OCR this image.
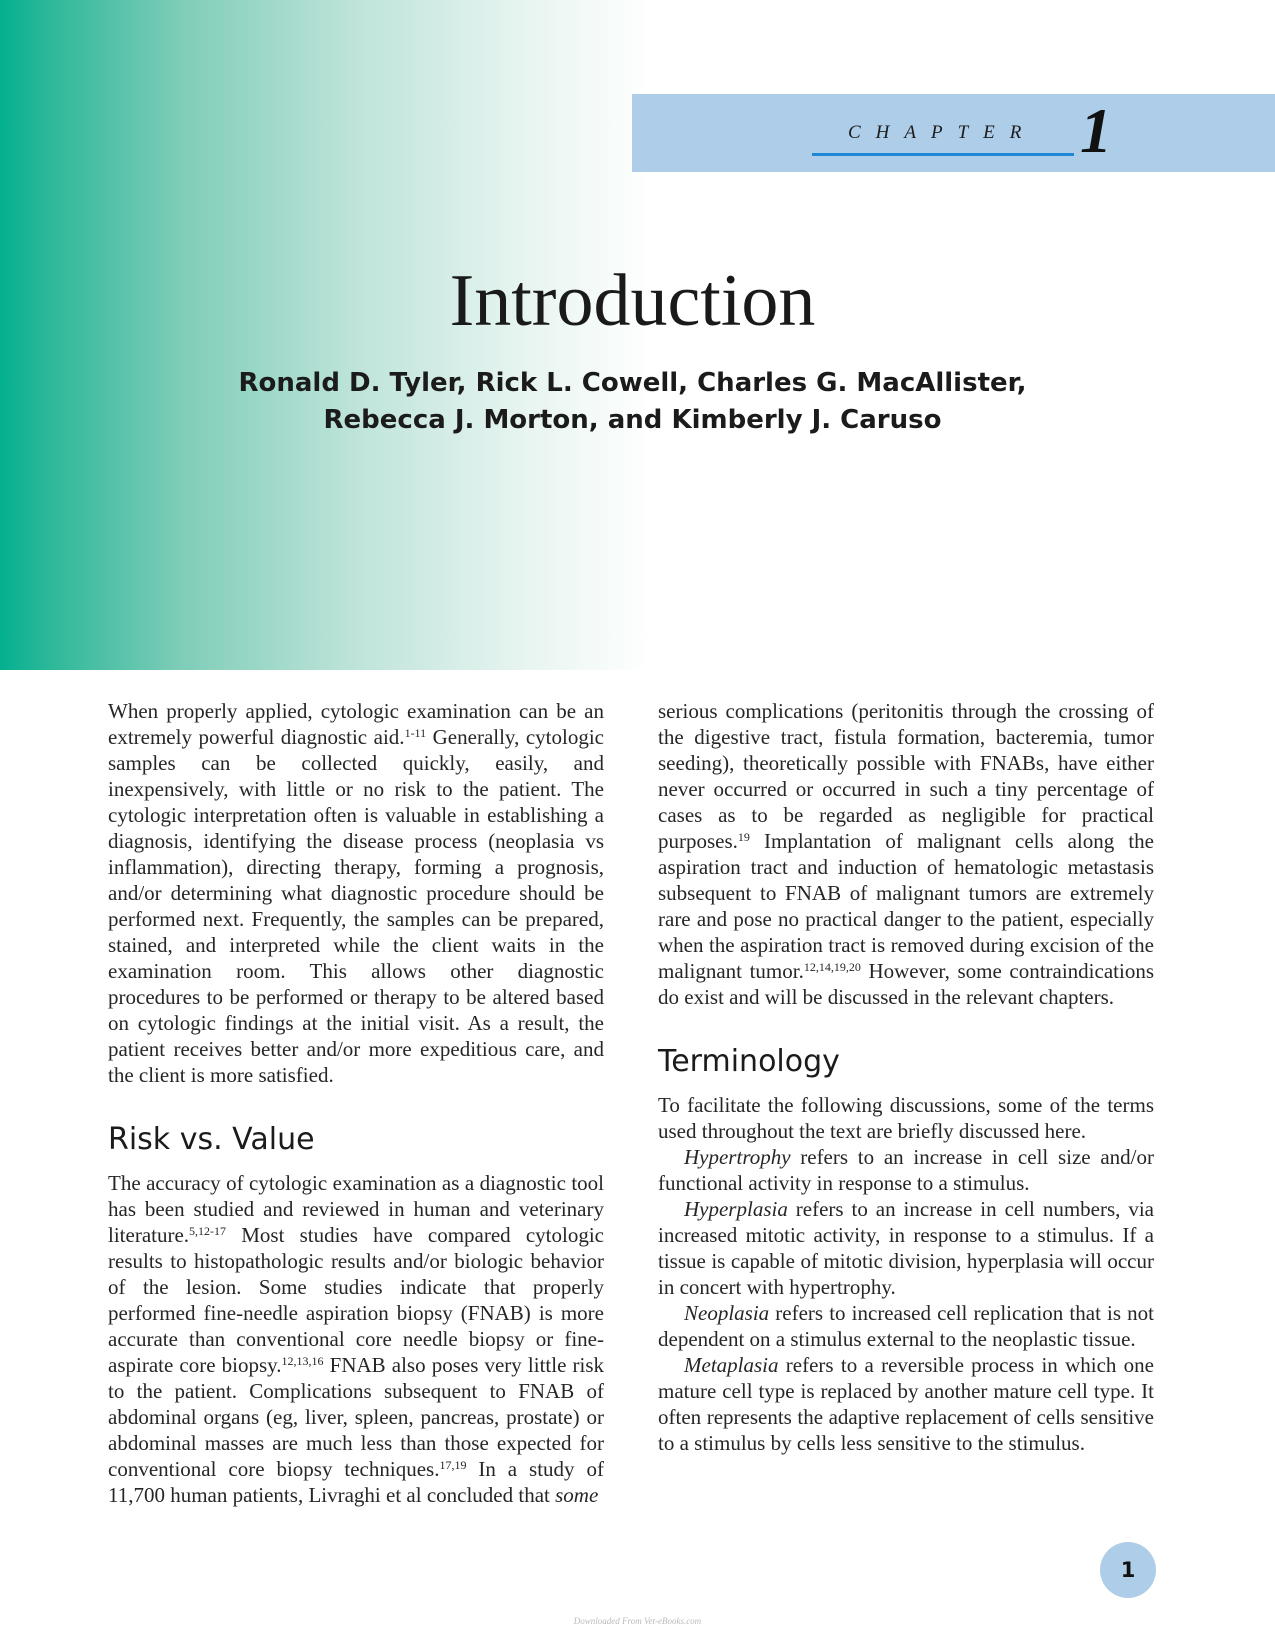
CHAPTER 1
Introduction
Ronald D. Tyler, Rick L. Cowell, Charles G. MacAllister,
Rebecca J. Morton, and Kimberly J. Caruso

When properly applied, cytologic examination can be an extremely powerful diagnostic aid.$^{1-11}$ Generally, cytologic samples can be collected quickly, easily, and inexpensively, with little or no risk to the patient. The cytologic interpretation often is valuable in establishing a diagnosis, identifying the disease process (neoplasia vs inflammation), directing therapy, forming a prognosis, and/or determining what diagnostic procedure should be performed next. Frequently, the samples can be prepared, stained, and interpreted while the client waits in the examination room. This allows other diagnostic procedures to be performed or therapy to be altered based on cytologic findings at the initial visit. As a result, the patient receives better and/or more expeditious care, and the client is more satisfied.

Risk vs. Value

The accuracy of cytologic examination as a diagnostic tool has been studied and reviewed in human and veterinary literature.$^{5,12-17}$ Most studies have compared cytologic results to histopathologic results and/or biologic behavior of the lesion. Some studies indicate that properly performed fine-needle aspiration biopsy (FNAB) is more accurate than conventional core needle biopsy or fine-aspirate core biopsy.$^{12,13,16}$ FNAB also poses very little risk to the patient. Complications subsequent to FNAB of abdominal organs (eg, liver, spleen, pancreas, prostate) or abdominal masses are much less than those expected for conventional core biopsy techniques.$^{17,19}$ In a study of 11,700 human patients, Livraghi et al concluded that some

serious complications (peritonitis through the crossing of the digestive tract, fistula formation, bacteremia, tumor seeding), theoretically possible with FNABs, have either never occurred or occurred in such a tiny percentage of cases as to be regarded as negligible for practical purposes.$^{19}$ Implantation of malignant cells along the aspiration tract and induction of hematologic metastasis subsequent to FNAB of malignant tumors are extremely rare and pose no practical danger to the patient, especially when the aspiration tract is removed during excision of the malignant tumor.$^{12,14,19,20}$ However, some contraindications do exist and will be discussed in the relevant chapters.

Terminology

To facilitate the following discussions, some of the terms used throughout the text are briefly discussed here.

Hypertrophy refers to an increase in cell size and/or functional activity in response to a stimulus.

Hyperplasia refers to an increase in cell numbers, via increased mitotic activity, in response to a stimulus. If a tissue is capable of mitotic division, hyperplasia will occur in concert with hypertrophy.

Neoplasia refers to increased cell replication that is not dependent on a stimulus external to the neoplastic tissue.

Metaplasia refers to a reversible process in which one mature cell type is replaced by another mature cell type. It often represents the adaptive replacement of cells sensitive to a stimulus by cells less sensitive to the stimulus.

1
Downloaded From Vet-eBooks.com
